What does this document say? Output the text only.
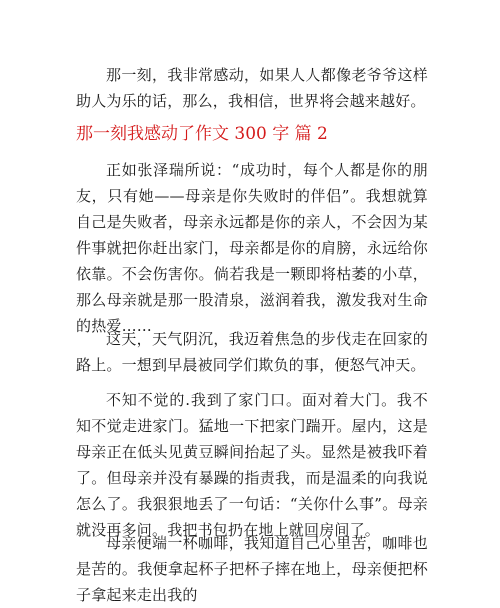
那一刻，我非常感动，如果人人都像老爷爷这样助人为乐的话，那么，我相信，世界将会越来越好。

那一刻我感动了作文 300 字 篇 2

正如张泽瑞所说：“成功时，每个人都是你的朋友，只有她——母亲是你失败时的伴侣”。我想就算自己是失败者，母亲永远都是你的亲人，不会因为某件事就把你赶出家门，母亲都是你的肩膀，永远给你依靠。不会伤害你。倘若我是一颗即将枯萎的小草，那么母亲就是那一股清泉，滋润着我，激发我对生命的热爱……

这天，天气阴沉，我迈着焦急的步伐走在回家的路上。一想到早晨被同学们欺负的事，便怒气冲天。

不知不觉的.我到了家门口。面对着大门。我不知不觉走进家门。猛地一下把家门踹开。屋内，这是母亲正在低头见黄豆瞬间抬起了头。显然是被我吓着了。但母亲并没有暴躁的指责我，而是温柔的向我说怎么了。我狠狠地丢了一句话：“关你什么事”。母亲就没再多问。我把书包扔在地上就回房间了。

母亲便端一杯咖啡，我知道自己心里苦，咖啡也是苦的。我便拿起杯子把杯子摔在地上，母亲便把杯子拿起来走出我的
